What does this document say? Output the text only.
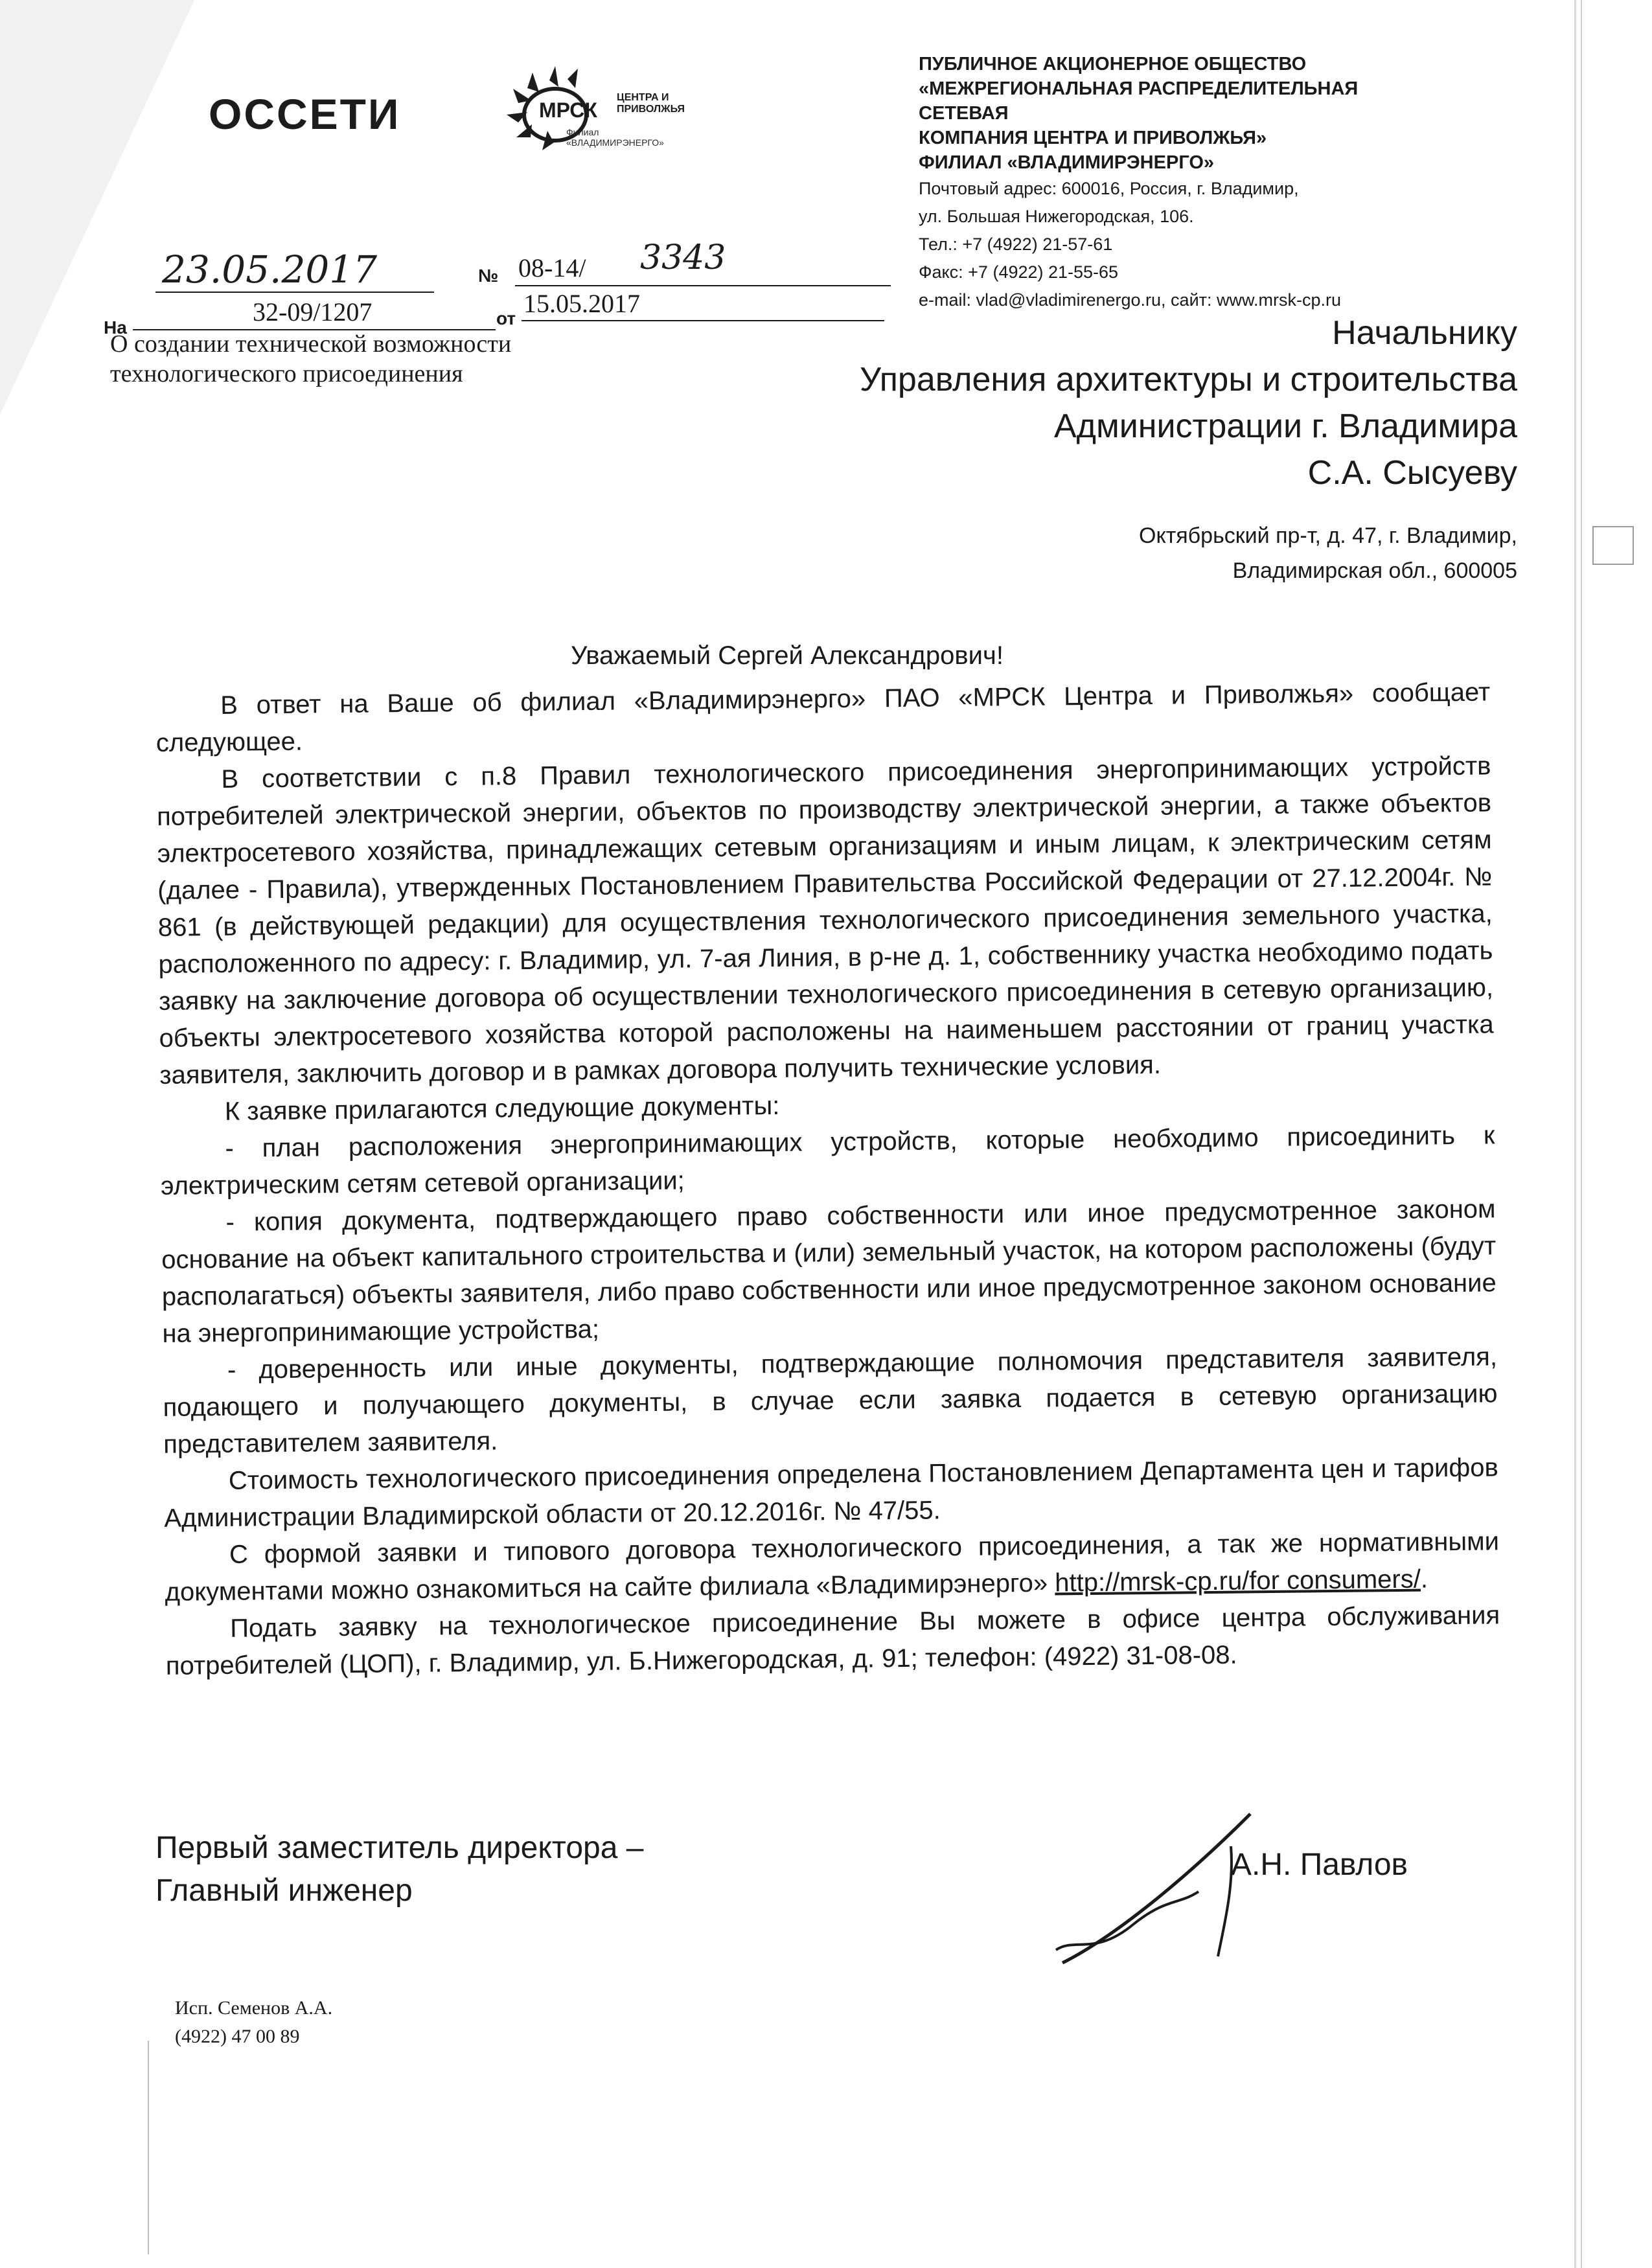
ОССЕТИ	МРСК
ЦЕНТРА И ПРИВОЛЖЬЯ
Филиал «ВЛАДИМИРЭНЕРГО»
ПУБЛИЧНОЕ АКЦИОНЕРНОЕ ОБЩЕСТВО
«МЕЖРЕГИОНАЛЬНАЯ РАСПРЕДЕЛИТЕЛЬНАЯ СЕТЕВАЯ
КОМПАНИЯ ЦЕНТРА И ПРИВОЛЖЬЯ»
ФИЛИАЛ «ВЛАДИМИРЭНЕРГО»
Почтовый адрес: 600016, Россия, г. Владимир,
ул. Большая Нижегородская, 106.
Тел.: +7 (4922) 21-57-61
Факс: +7 (4922) 21-55-65
e-mail: vlad@vladimirenergo.ru, сайт: www.mrsk-cp.ru
23.05.2017	№ 08-14/ 3343
32-09/1207
На	от
15.05.2017
О создании технической возможности технологического присоединения
Начальнику
Управления архитектуры и строительства
Администрации г. Владимира
С.А. Сысуеву
Октябрьский пр-т, д. 47, г. Владимир,
Владимирская обл., 600005
Уважаемый Сергей Александрович!

В ответ на Ваше об филиал «Владимирэнерго» ПАО «МРСК Центра и Приволжья» сообщает следующее.

В соответствии с п.8 Правил технологического присоединения энергопринимающих устройств потребителей электрической энергии, объектов по производству электрической энергии, а также объектов электросетевого хозяйства, принадлежащих сетевым организациям и иным лицам, к электрическим сетям (далее - Правила), утвержденных Постановлением Правительства Российской Федерации от 27.12.2004г. № 861 (в действующей редакции) для осуществления технологического присоединения земельного участка, расположенного по адресу: г. Владимир, ул. 7-ая Линия, в р-не д. 1, собственнику участка необходимо подать заявку на заключение договора об осуществлении технологического присоединения в сетевую организацию, объекты электросетевого хозяйства которой расположены на наименьшем расстоянии от границ участка заявителя, заключить договор и в рамках договора получить технические условия.

К заявке прилагаются следующие документы:

- план расположения энергопринимающих устройств, которые необходимо присоединить к электрическим сетям сетевой организации;

- копия документа, подтверждающего право собственности или иное предусмотренное законом основание на объект капитального строительства и (или) земельный участок, на котором расположены (будут располагаться) объекты заявителя, либо право собственности или иное предусмотренное законом основание на энергопринимающие устройства;

- доверенность или иные документы, подтверждающие полномочия представителя заявителя, подающего и получающего документы, в случае если заявка подается в сетевую организацию представителем заявителя.

Стоимость технологического присоединения определена Постановлением Департамента цен и тарифов Администрации Владимирской области от 20.12.2016г. № 47/55.

С формой заявки и типового договора технологического присоединения, а так же нормативными документами можно ознакомиться на сайте филиала «Владимирэнерго» http://mrsk-cp.ru/for consumers/.

Подать заявку на технологическое присоединение Вы можете в офисе центра обслуживания потребителей (ЦОП), г. Владимир, ул. Б.Нижегородская, д. 91; телефон: (4922) 31-08-08.

Первый заместитель директора –
Главный инженер
А.Н. Павлов
Исп. Семенов А.А.
(4922) 47 00 89
